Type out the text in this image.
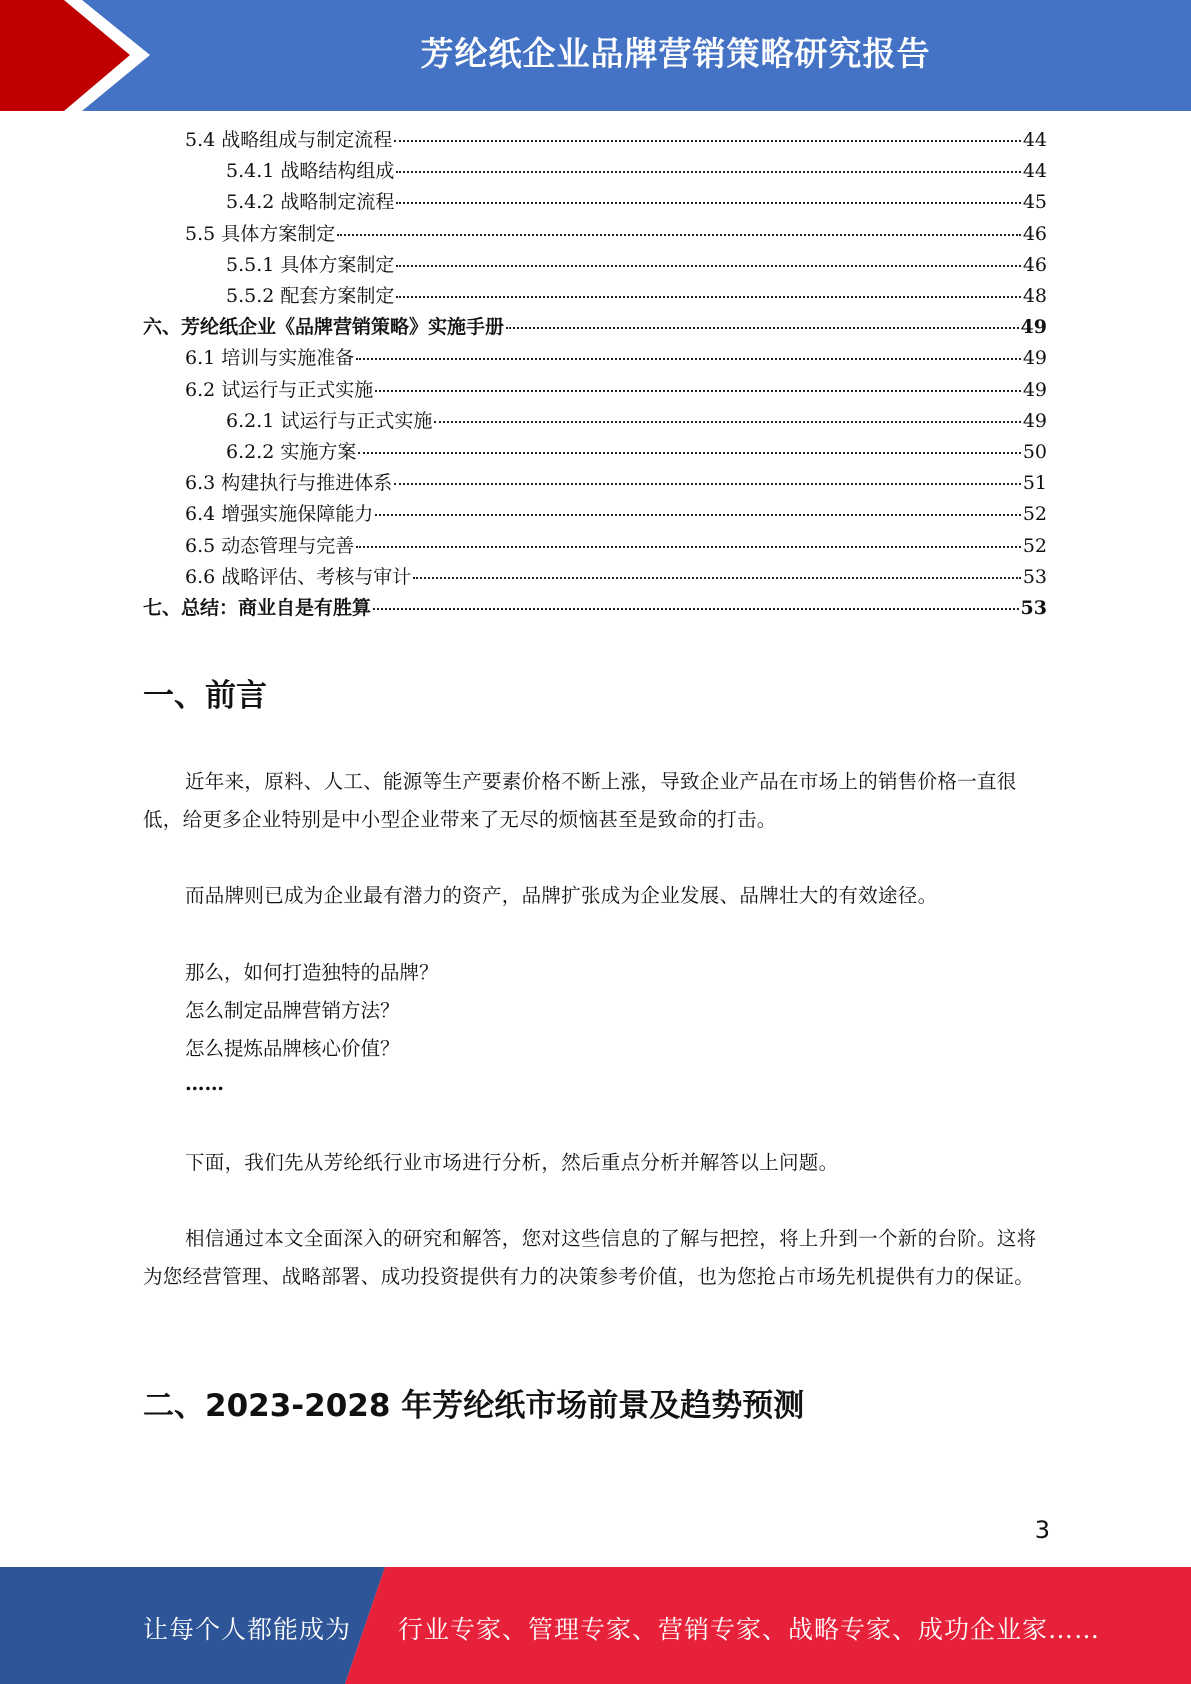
芳纶纸企业品牌营销策略研究报告
5.4 战略组成与制定流程	44
5.4.1 战略结构组成	44
5.4.2 战略制定流程	45
5.5 具体方案制定	46
5.5.1 具体方案制定	46
5.5.2 配套方案制定	48
六、芳纶纸企业《品牌营销策略》实施手册	49
6.1 培训与实施准备	49
6.2 试运行与正式实施	49
6.2.1 试运行与正式实施	49
6.2.2 实施方案	50
6.3 构建执行与推进体系	51
6.4 增强实施保障能力	52
6.5 动态管理与完善	52
6.6 战略评估、考核与审计	53
七、总结：商业自是有胜算	53
一、前言
近年来，原料、人工、能源等生产要素价格不断上涨，导致企业产品在市场上的销售价格一直很低，给更多企业特别是中小型企业带来了无尽的烦恼甚至是致命的打击。
而品牌则已成为企业最有潜力的资产，品牌扩张成为企业发展、品牌壮大的有效途径。
那么，如何打造独特的品牌？
怎么制定品牌营销方法？
怎么提炼品牌核心价值？
……
下面，我们先从芳纶纸行业市场进行分析，然后重点分析并解答以上问题。
相信通过本文全面深入的研究和解答，您对这些信息的了解与把控，将上升到一个新的台阶。这将为您经营管理、战略部署、成功投资提供有力的决策参考价值，也为您抢占市场先机提供有力的保证。
二、2023-2028 年芳纶纸市场前景及趋势预测
3
让每个人都能成为 行业专家、管理专家、营销专家、战略专家、成功企业家……
